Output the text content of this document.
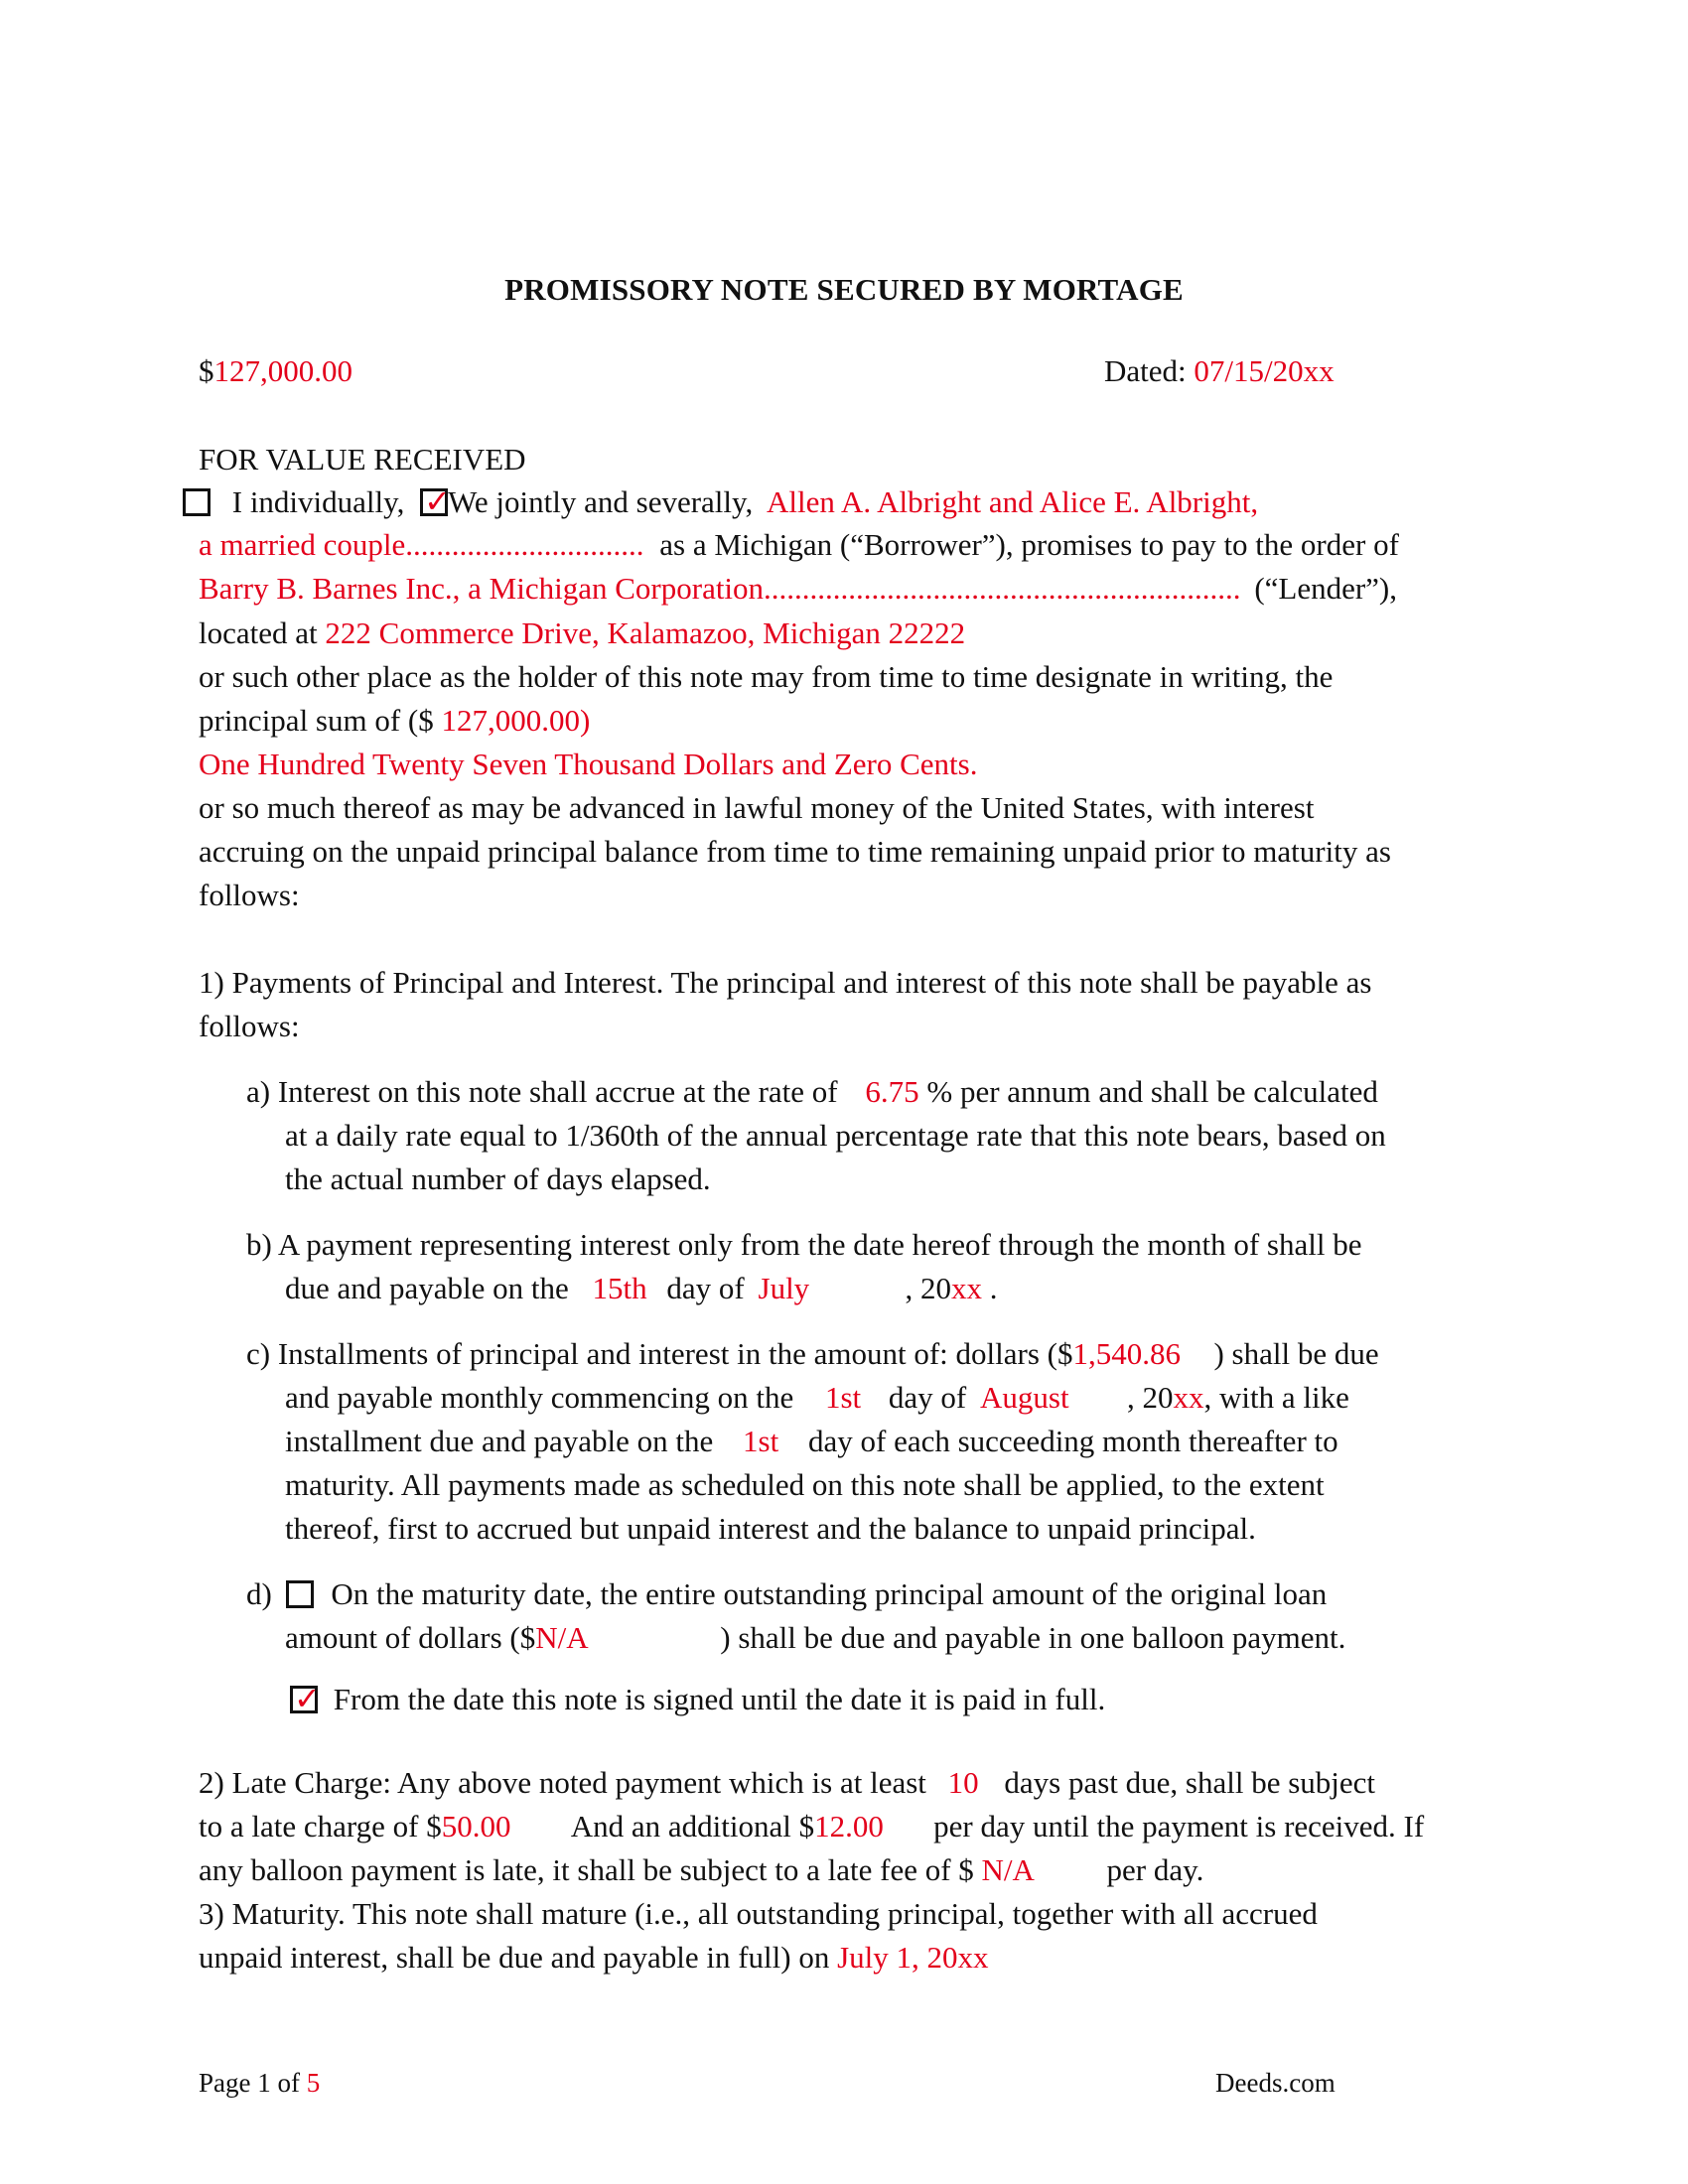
PROMISSORY NOTE SECURED BY MORTAGE
$127,000.00	Dated: 07/15/20xx
FOR VALUE RECEIVED
I individually, ✓
We jointly and severally, Allen A. Albright and Alice E. Albright,
a married couple............................... as a Michigan (“Borrower”), promises to pay to the order of
Barry B. Barnes Inc., a Michigan Corporation.............................................................. (“Lender”),
located at 222 Commerce Drive, Kalamazoo, Michigan 22222
or such other place as the holder of this note may from time to time designate in writing, the
principal sum of ($ 127,000.00)
One Hundred Twenty Seven Thousand Dollars and Zero Cents.
or so much thereof as may be advanced in lawful money of the United States, with interest
accruing on the unpaid principal balance from time to time remaining unpaid prior to maturity as
follows:
1) Payments of Principal and Interest. The principal and interest of this note shall be payable as
follows:
a) Interest on this note shall accrue at the rate of 6.75 % per annum and shall be calculated
at a daily rate equal to 1/360th of the annual percentage rate that this note bears, based on
the actual number of days elapsed.
b) A payment representing interest only from the date hereof through the month of shall be
due and payable on the 15th day of July	, 20xx .
c) Installments of principal and interest in the amount of: dollars ($1,540.86 ) shall be due
and payable monthly commencing on the 1st day of August , 20xx, with a like
installment due and payable on the 1st day of each succeeding month thereafter to
maturity. All payments made as scheduled on this note shall be applied, to the extent
thereof, first to accrued but unpaid interest and the balance to unpaid principal.
d) On the maturity date, the entire outstanding principal amount of the original loan
amount of dollars ($N/A	) shall be due and payable in one balloon payment.
✓ From the date this note is signed until the date it is paid in full.
2) Late Charge: Any above noted payment which is at least 10 days past due, shall be subject
to a late charge of $50.00 And an additional $12.00 per day until the payment is received. If
any balloon payment is late, it shall be subject to a late fee of $ N/A per day.
3) Maturity. This note shall mature (i.e., all outstanding principal, together with all accrued
unpaid interest, shall be due and payable in full) on July 1, 20xx
Page 1 of 5	Deeds.com
